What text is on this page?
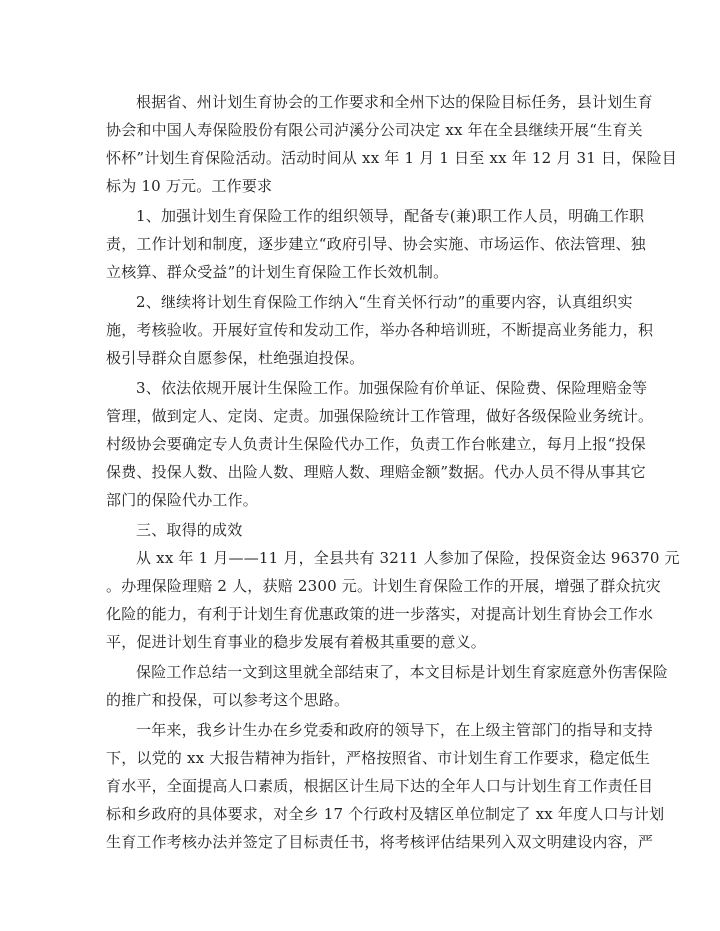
根据省、州计划生育协会的工作要求和全州下达的保险目标任务，县计划生育
协会和中国人寿保险股份有限公司泸溪分公司决定 xx 年在全县继续开展“生育关
怀杯”计划生育保险活动。活动时间从 xx 年 1 月 1 日至 xx 年 12 月 31 日，保险目
标为 10 万元。工作要求
1、加强计划生育保险工作的组织领导，配备专(兼)职工作人员，明确工作职
责，工作计划和制度，逐步建立“政府引导、协会实施、市场运作、依法管理、独
立核算、群众受益”的计划生育保险工作长效机制。
2、继续将计划生育保险工作纳入“生育关怀行动”的重要内容，认真组织实
施，考核验收。开展好宣传和发动工作，举办各种培训班，不断提高业务能力，积
极引导群众自愿参保，杜绝强迫投保。
3、依法依规开展计生保险工作。加强保险有价单证、保险费、保险理赔金等
管理，做到定人、定岗、定责。加强保险统计工作管理，做好各级保险业务统计。
村级协会要确定专人负责计生保险代办工作，负责工作台帐建立，每月上报“投保
保费、投保人数、出险人数、理赔人数、理赔金额”数据。代办人员不得从事其它
部门的保险代办工作。
三、取得的成效
从 xx 年 1 月——11 月，全县共有 3211 人参加了保险，投保资金达 96370 元
。办理保险理赔 2 人，获赔 2300 元。计划生育保险工作的开展，增强了群众抗灾
化险的能力，有利于计划生育优惠政策的进一步落实，对提高计划生育协会工作水
平，促进计划生育事业的稳步发展有着极其重要的意义。
保险工作总结一文到这里就全部结束了，本文目标是计划生育家庭意外伤害保险
的推广和投保，可以参考这个思路。
一年来，我乡计生办在乡党委和政府的领导下，在上级主管部门的指导和支持
下，以党的 xx 大报告精神为指针，严格按照省、市计划生育工作要求，稳定低生
育水平，全面提高人口素质，根据区计生局下达的全年人口与计划生育工作责任目
标和乡政府的具体要求，对全乡 17 个行政村及辖区单位制定了 xx 年度人口与计划
生育工作考核办法并签定了目标责任书，将考核评估结果列入双文明建设内容，严
